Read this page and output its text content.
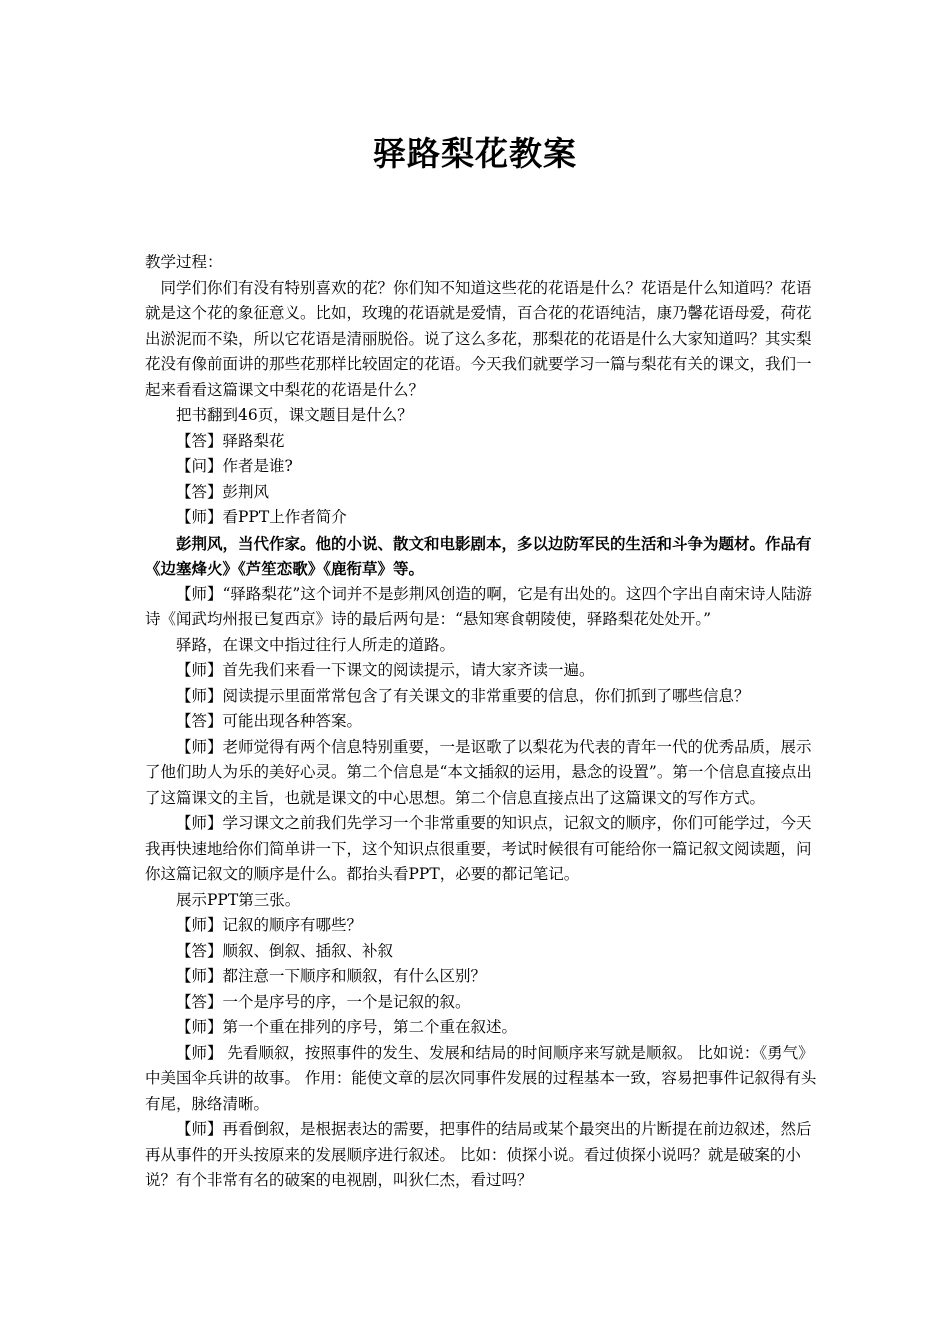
驿路梨花教案

教学过程：

同学们你们有没有特别喜欢的花？你们知不知道这些花的花语是什么？花语是什么知道吗？花语就是这个花的象征意义。比如，玫瑰的花语就是爱情，百合花的花语纯洁，康乃馨花语母爱，荷花出淤泥而不染，所以它花语是清丽脱俗。说了这么多花，那梨花的花语是什么大家知道吗？其实梨花没有像前面讲的那些花那样比较固定的花语。今天我们就要学习一篇与梨花有关的课文，我们一起来看看这篇课文中梨花的花语是什么？

把书翻到46页，课文题目是什么？

【答】驿路梨花

【问】作者是谁?

【答】彭荆风

【师】看PPT上作者简介

彭荆风，当代作家。他的小说、散文和电影剧本，多以边防军民的生活和斗争为题材。作品有《边塞烽火》《芦笙恋歌》《鹿衔草》等。

【师】“驿路梨花”这个词并不是彭荆风创造的啊，它是有出处的。这四个字出自南宋诗人陆游诗《闻武均州报已复西京》诗的最后两句是：“悬知寒食朝陵使，驿路梨花处处开。”

驿路，在课文中指过往行人所走的道路。

【师】首先我们来看一下课文的阅读提示，请大家齐读一遍。

【师】阅读提示里面常常包含了有关课文的非常重要的信息，你们抓到了哪些信息？

【答】可能出现各种答案。

【师】老师觉得有两个信息特别重要，一是讴歌了以梨花为代表的青年一代的优秀品质，展示了他们助人为乐的美好心灵。第二个信息是“本文插叙的运用，悬念的设置”。第一个信息直接点出了这篇课文的主旨，也就是课文的中心思想。第二个信息直接点出了这篇课文的写作方式。

【师】学习课文之前我们先学习一个非常重要的知识点，记叙文的顺序，你们可能学过，今天我再快速地给你们简单讲一下，这个知识点很重要，考试时候很有可能给你一篇记叙文阅读题，问你这篇记叙文的顺序是什么。都抬头看PPT，必要的都记笔记。

展示PPT第三张。

【师】记叙的顺序有哪些？

【答】顺叙、倒叙、插叙、补叙

【师】都注意一下顺序和顺叙，有什么区别？

【答】一个是序号的序，一个是记叙的叙。

【师】第一个重在排列的序号，第二个重在叙述。

【师】 先看顺叙，按照事件的发生、发展和结局的时间顺序来写就是顺叙。 比如说：《勇气》中美国伞兵讲的故事。 作用：能使文章的层次同事件发展的过程基本一致，容易把事件记叙得有头有尾，脉络清晰。

【师】再看倒叙，是根据表达的需要，把事件的结局或某个最突出的片断提在前边叙述，然后再从事件的开头按原来的发展顺序进行叙述。 比如：侦探小说。看过侦探小说吗？就是破案的小说？有个非常有名的破案的电视剧，叫狄仁杰，看过吗？
